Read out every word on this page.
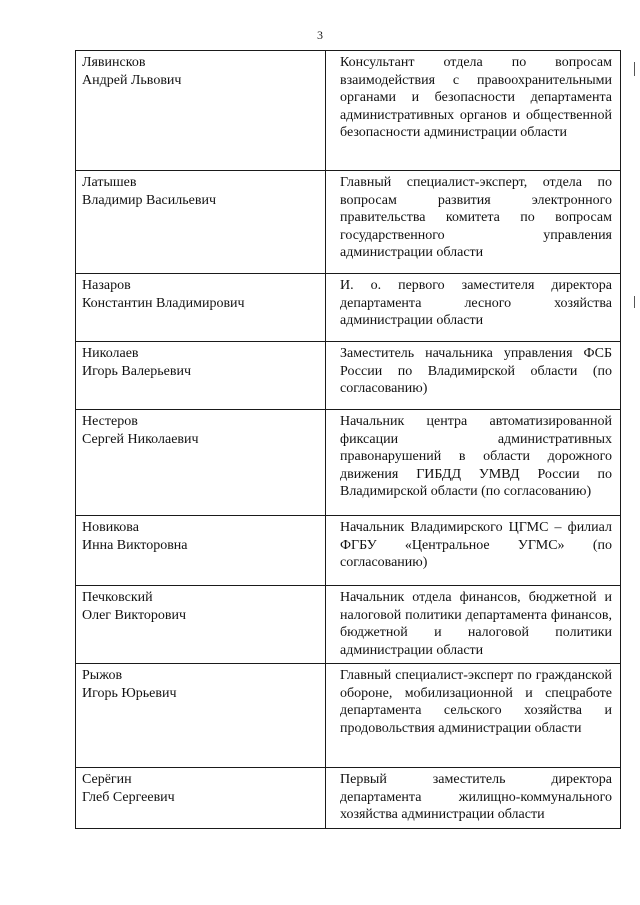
3
Лявинсков
Андрей Львович	Консультант отдела по вопросам взаимодействия с правоохранительными органами и безопасности департамента административных органов и общественной безопасности администрации области

Латышев
Владимир Васильевич	Главный специалист-эксперт, отдела по вопросам развития электронного правительства комитета по вопросам государственного управления администрации области

Назаров
Константин Владимирович	И. о. первого заместителя директора департамента лесного хозяйства администрации области

Николаев
Игорь Валерьевич	Заместитель начальника управления ФСБ России по Владимирской области (по согласованию)

Нестеров
Сергей Николаевич	Начальник центра автоматизированной фиксации административных правонарушений в области дорожного движения ГИБДД УМВД России по Владимирской области (по согласованию)

Новикова
Инна Викторовна	Начальник Владимирского ЦГМС – филиал ФГБУ «Центральное УГМС» (по согласованию)

Печковский
Олег Викторович	Начальник отдела финансов, бюджетной и налоговой политики департамента финансов, бюджетной и налоговой политики администрации области

Рыжов
Игорь Юрьевич	Главный специалист-эксперт по гражданской обороне, мобилизационной и спецработе департамента сельского хозяйства и продовольствия администрации области

Серёгин
Глеб Сергеевич	Первый заместитель директора департамента жилищно-коммунального хозяйства администрации области
